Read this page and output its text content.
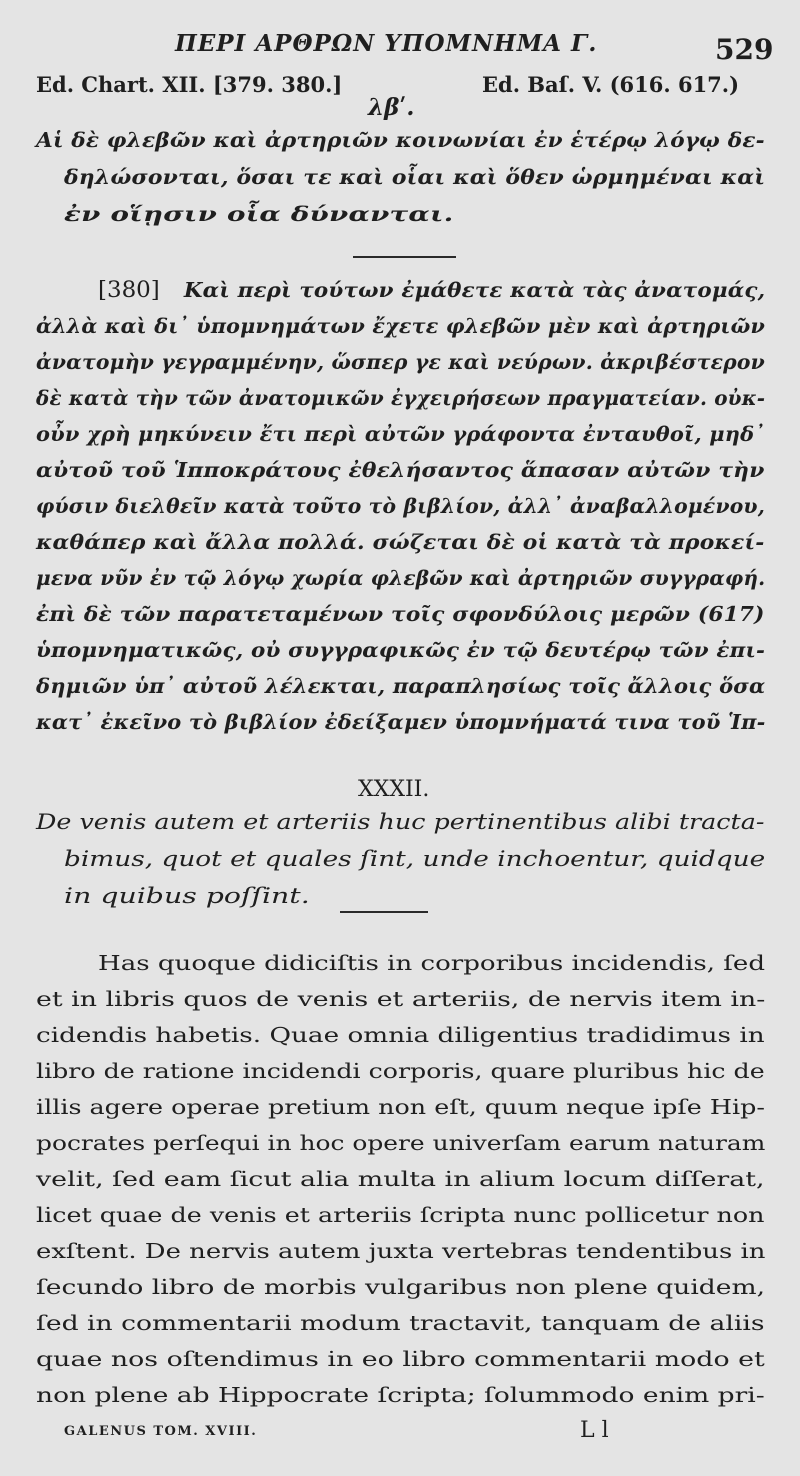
ΠΕΡΙ ΑΡΘΡΩΝ ΥΠΟΜΝΗΜΑ Γ.	529
Ed. Chart. XII. [379. 380.]	Ed. Baſ. V. (616. 617.)
λβʹ.
Αἱ δὲ φλεβῶν καὶ ἀρτηριῶν κοινωνίαι ἐν ἑτέρῳ λόγῳ δε-
δηλώσονται, ὅσαι τε καὶ οἷαι καὶ ὅθεν ὡρμημέναι καὶ
ἐν οἵῃσιν οἷα δύνανται.
[380] Καὶ περὶ τούτων ἐμάθετε κατὰ τὰς ἀνατομάς,
ἀλλὰ καὶ δι᾽ ὑπομνημάτων ἔχετε φλεβῶν μὲν καὶ ἀρτηριῶν
ἀνατομὴν γεγραμμένην, ὥσπερ γε καὶ νεύρων. ἀκριβέστερον
δὲ κατὰ τὴν τῶν ἀνατομικῶν ἐγχειρήσεων πραγματείαν. οὐκ-
οὖν χρὴ μηκύνειν ἔτι περὶ αὐτῶν γράφοντα ἐνταυθοῖ, μηδ᾽
αὐτοῦ τοῦ Ἱπποκράτους ἐθελήσαντος ἅπασαν αὐτῶν τὴν
φύσιν διελθεῖν κατὰ τοῦτο τὸ βιβλίον, ἀλλ᾽ ἀναβαλλομένου,
καθάπερ καὶ ἄλλα πολλά. σώζεται δὲ οἱ κατὰ τὰ προκεί-
μενα νῦν ἐν τῷ λόγῳ χωρία φλεβῶν καὶ ἀρτηριῶν συγγραφή.
ἐπὶ δὲ τῶν παρατεταμένων τοῖς σφονδύλοις μερῶν (617)
ὑπομνηματικῶς, οὐ συγγραφικῶς ἐν τῷ δευτέρῳ τῶν ἐπι-
δημιῶν ὑπ᾽ αὐτοῦ λέλεκται, παραπλησίως τοῖς ἄλλοις ὅσα
κατ᾽ ἐκεῖνο τὸ βιβλίον ἐδείξαμεν ὑπομνήματά τινα τοῦ Ἱπ-
XXXII.
De venis autem et arteriis huc pertinentibus alibi tracta-
bimus, quot et quales ſint, unde inchoentur, quidque
in quibus poſſint.
Has quoque didiciſtis in corporibus incidendis, ſed
et in libris quos de venis et arteriis, de nervis item in-
cidendis habetis. Quae omnia diligentius tradidimus in
libro de ratione incidendi corporis, quare pluribus hic de
illis agere operae pretium non eſt, quum neque ipſe Hip-
pocrates perſequi in hoc opere univerſam earum naturam
velit, ſed eam ſicut alia multa in alium locum diſſerat,
licet quae de venis et arteriis ſcripta nunc pollicetur non
exſtent. De nervis autem juxta vertebras tendentibus in
ſecundo libro de morbis vulgaribus non plene quidem,
ſed in commentarii modum tractavit, tanquam de aliis
quae nos oſtendimus in eo libro commentarii modo et
non plene ab Hippocrate ſcripta; ſolummodo enim pri-
GALENUS TOM. XVIII.	L l
